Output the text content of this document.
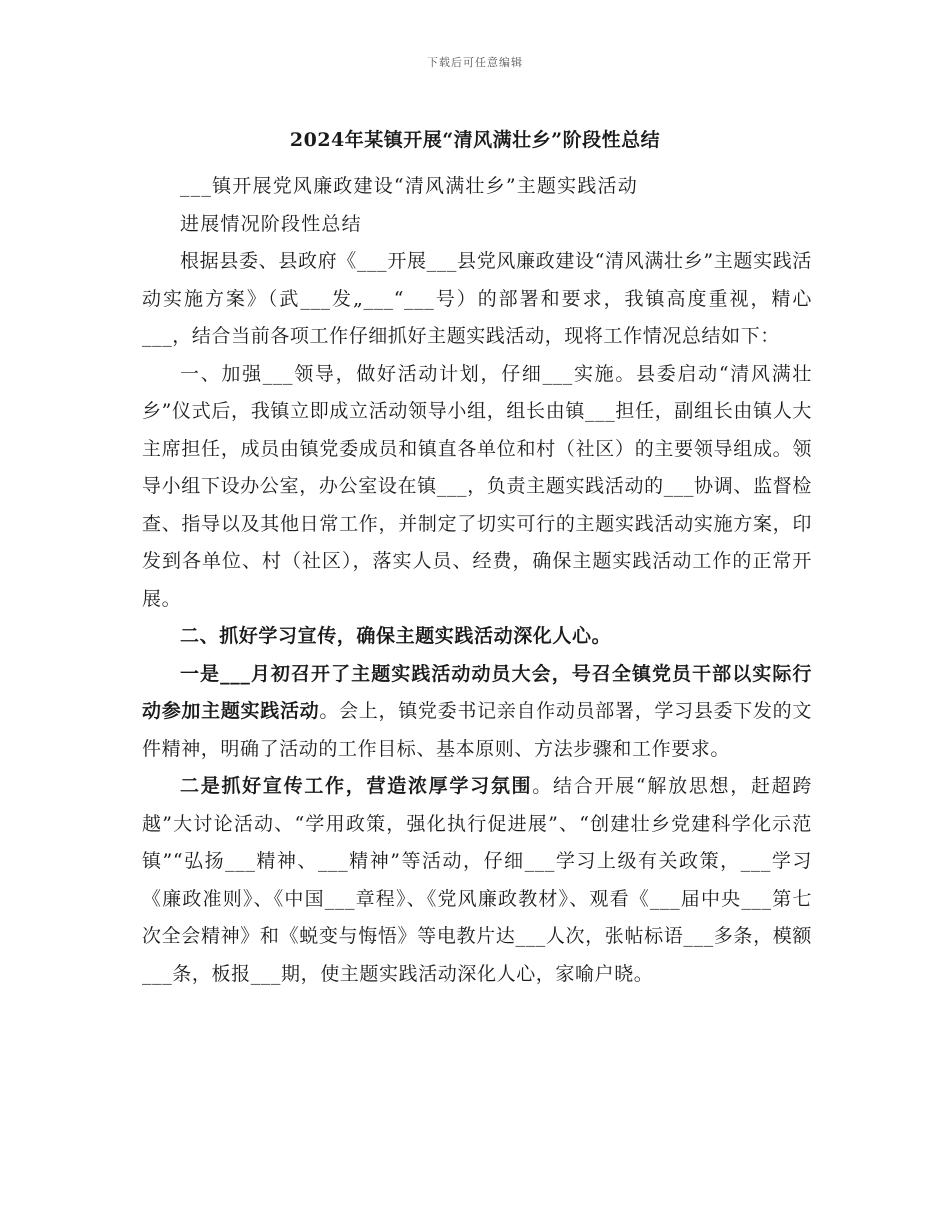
下载后可任意编辑
2024年某镇开展“清风满壮乡”阶段性总结

___镇开展党风廉政建设“清风满壮乡”主题实践活动

进展情况阶段性总结

根据县委、县政府《___开展___县党风廉政建设“清风满壮乡”主题实践活动实施方案》（武___发„___“___号）的部署和要求，我镇高度重视，精心___，结合当前各项工作仔细抓好主题实践活动，现将工作情况总结如下：

一、加强___领导，做好活动计划，仔细___实施。县委启动“清风满壮乡”仪式后，我镇立即成立活动领导小组，组长由镇___担任，副组长由镇人大主席担任，成员由镇党委成员和镇直各单位和村（社区）的主要领导组成。领导小组下设办公室，办公室设在镇___，负责主题实践活动的___协调、监督检查、指导以及其他日常工作，并制定了切实可行的主题实践活动实施方案，印发到各单位、村（社区），落实人员、经费，确保主题实践活动工作的正常开展。

二、抓好学习宣传，确保主题实践活动深化人心。

一是___月初召开了主题实践活动动员大会，号召全镇党员干部以实际行动参加主题实践活动。会上，镇党委书记亲自作动员部署，学习县委下发的文件精神，明确了活动的工作目标、基本原则、方法步骤和工作要求。

二是抓好宣传工作，营造浓厚学习氛围。结合开展“解放思想，赶超跨越”大讨论活动、“学用政策，强化执行促进展”、“创建壮乡党建科学化示范镇”“弘扬___精神、___精神”等活动，仔细___学习上级有关政策，___学习《廉政准则》、《中国___章程》、《党风廉政教材》、观看《___届中央___第七次全会精神》和《蜕变与悔悟》等电教片达___人次，张帖标语___多条，模额___条，板报___期，使主题实践活动深化人心，家喻户晓。
